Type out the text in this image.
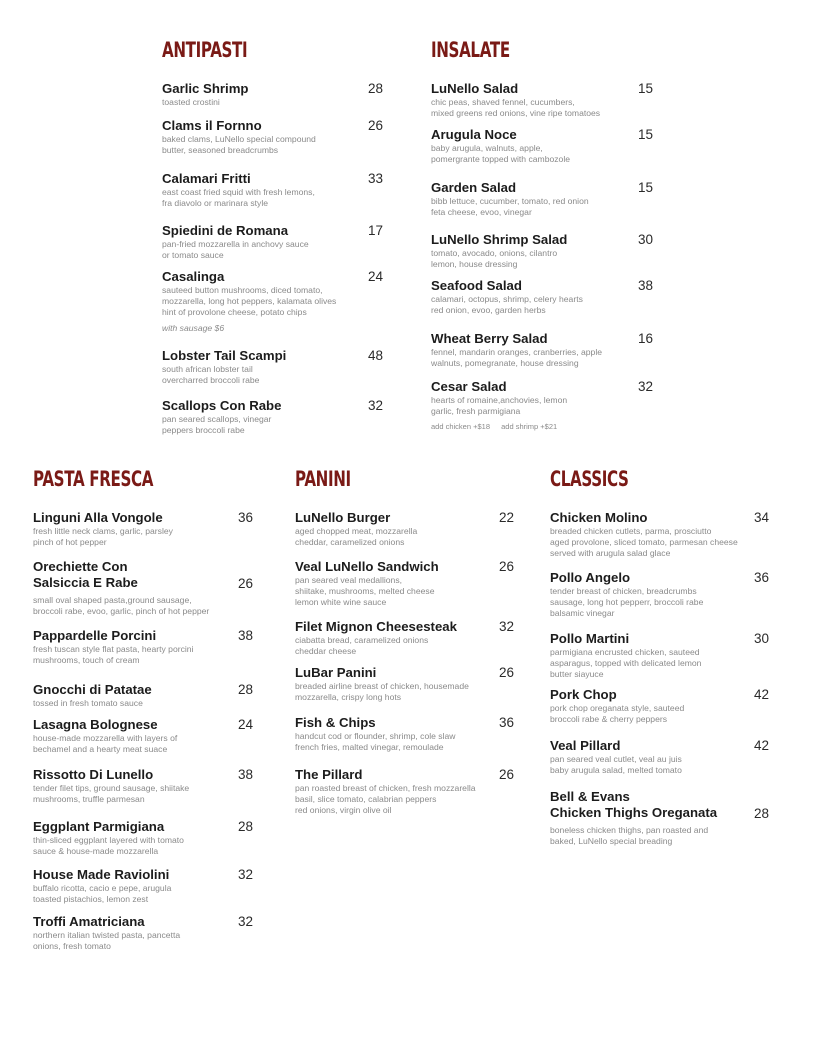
ANTIPASTI
Garlic Shrimp
toasted crostini
28
Clams il Fornno
baked clams, LuNello special compound
butter, seasoned breadcrumbs
26
Calamari Fritti
east coast fried squid with fresh lemons,
fra diavolo or marinara style
33
Spiedini de Romana
pan-fried mozzarella in anchovy sauce
or tomato sauce
17
Casalinga
sauteed button mushrooms, diced tomato,
mozzarella, long hot peppers, kalamata olives
hint of provolone cheese, potato chips
with sausage $6
24
Lobster Tail Scampi
south african lobster tail
overcharred broccoli rabe
48
Scallops Con Rabe
pan seared scallops, vinegar
peppers broccoli rabe
32
INSALATE
add chicken +$18 add shrimp +$21
LuNello Salad
chic peas, shaved fennel, cucumbers,
mixed greens red onions, vine ripe tomatoes
15
Arugula Noce
baby arugula, walnuts, apple,
pomergrante topped with cambozole
15
Garden Salad
bibb lettuce, cucumber, tomato, red onion
feta cheese, evoo, vinegar
15
LuNello Shrimp Salad
tomato, avocado, onions, cilantro
lemon, house dressing
30
Seafood Salad
calamari, octopus, shrimp, celery hearts
red onion, evoo, garden herbs
38
Wheat Berry Salad
fennel, mandarin oranges, cranberries, apple
walnuts, pomegranate, house dressing
16
Cesar Salad
hearts of romaine,anchovies, lemon
garlic, fresh parmigiana
32
PASTA FRESCA
Linguni Alla Vongole
fresh little neck clams, garlic, parsley
pinch of hot pepper
36
Orechiette Con
Salsiccia E Rabe
small oval shaped pasta,ground sausage,
broccoli rabe, evoo, garlic, pinch of hot pepper
26
Pappardelle Porcini
fresh tuscan style flat pasta, hearty porcini
mushrooms, touch of cream
38
Gnocchi di Patatae
tossed in fresh tomato sauce
28
Lasagna Bolognese
house-made mozzarella with layers of
bechamel and a hearty meat suace
24
Rissotto Di Lunello
tender filet tips, ground sausage, shiitake
mushrooms, truffle parmesan
38
Eggplant Parmigiana
thin-sliced eggplant layered with tomato
sauce & house-made mozzarella
28
House Made Raviolini
buffalo ricotta, cacio e pepe, arugula
toasted pistachios, lemon zest
32
Troffi Amatriciana
northern italian twisted pasta, pancetta
onions, fresh tomato
32
PANINI
LuNello Burger
aged chopped meat, mozzarella
cheddar, caramelized onions
22
Veal LuNello Sandwich
pan seared veal medallions,
shiitake, mushrooms, melted cheese
lemon white wine sauce
26
Filet Mignon Cheesesteak
ciabatta bread, caramelized onions
cheddar cheese
32
LuBar Panini
breaded airline breast of chicken, housemade
mozzarella, crispy long hots
26
Fish & Chips
handcut cod or flounder, shrimp, cole slaw
french fries, malted vinegar, remoulade
36
The Pillard
pan roasted breast of chicken, fresh mozzarella
basil, slice tomato, calabrian peppers
red onions, virgin olive oil
26
CLASSICS
Chicken Molino
breaded chicken cutlets, parma, prosciutto
aged provolone, sliced tomato, parmesan cheese
served with arugula salad glace
34
Pollo Angelo
tender breast of chicken, breadcrumbs
sausage, long hot pepperr, broccoli rabe
balsamic vinegar
36
Pollo Martini
parmigiana encrusted chicken, sauteed
asparagus, topped with delicated lemon
butter siayuce
30
Pork Chop
pork chop oreganata style, sauteed
broccoli rabe & cherry peppers
42
Veal Pillard
pan seared veal cutlet, veal au juis
baby arugula salad, melted tomato
42
Bell & Evans
Chicken Thighs Oreganata
boneless chicken thighs, pan roasted and
baked, LuNello special breading
28
